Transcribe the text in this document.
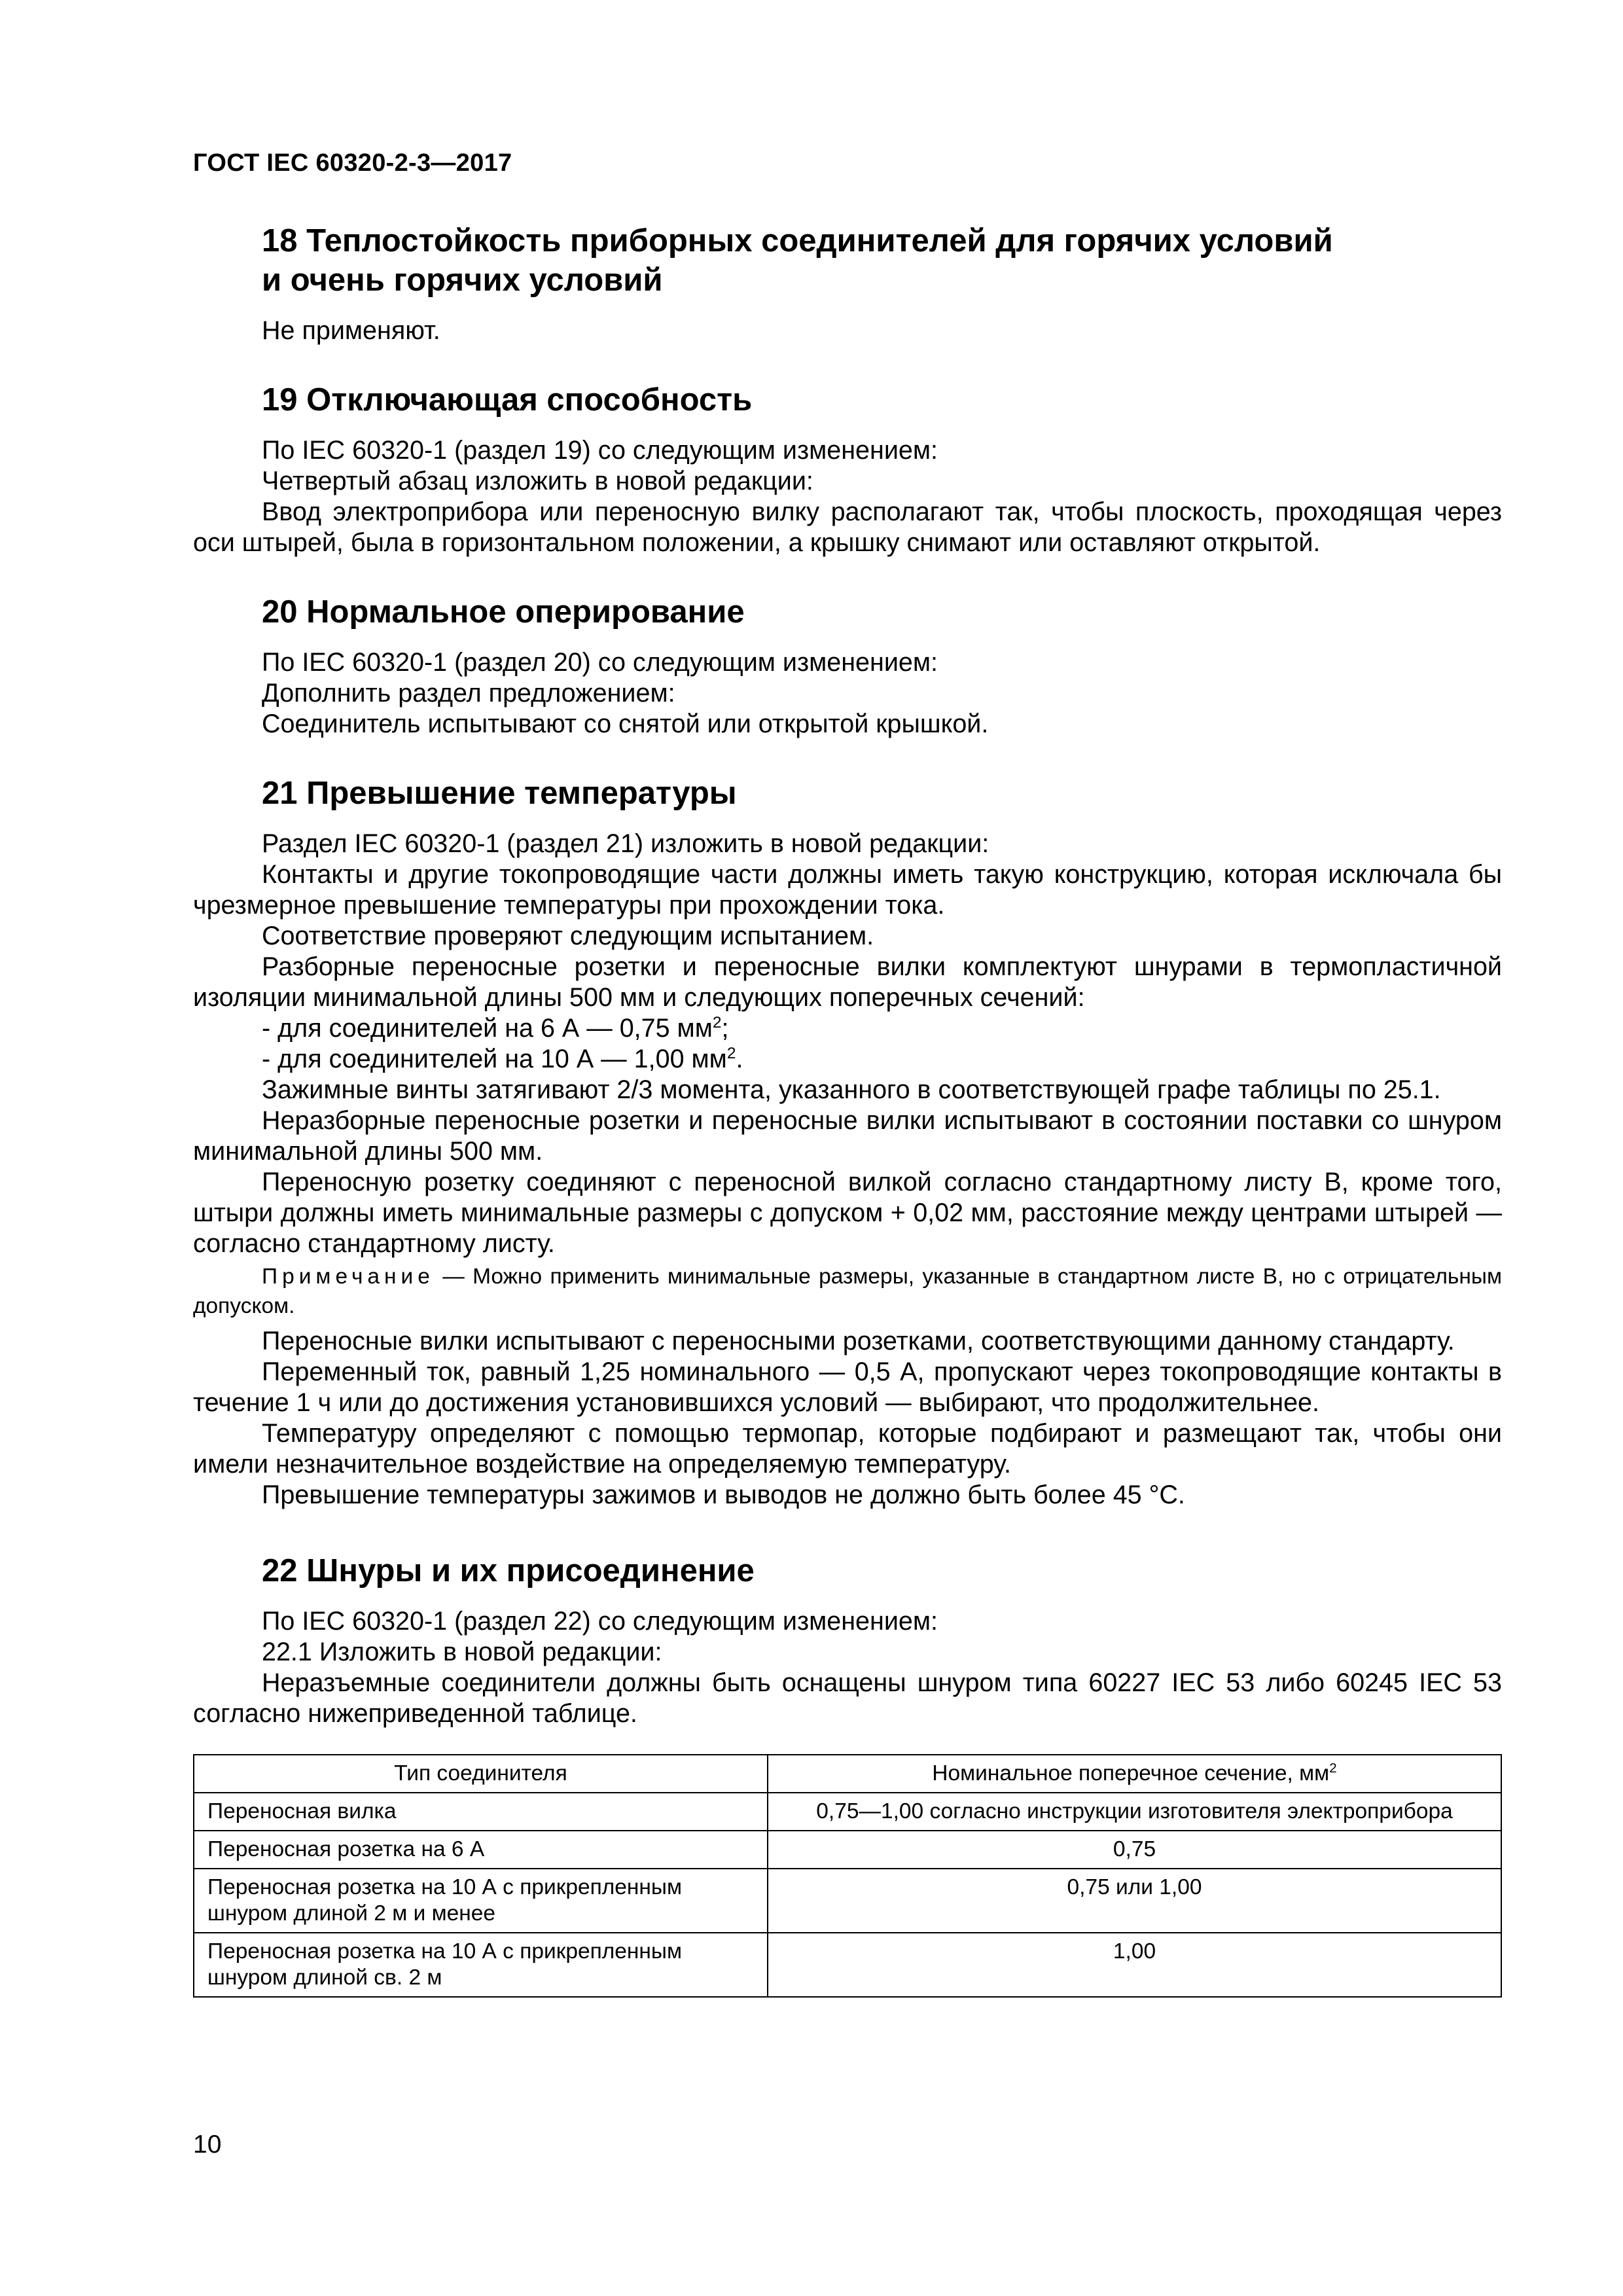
ГОСТ IEC 60320-2-3—2017
18 Теплостойкость приборных соединителей для горячих условий
и очень горячих условий

Не применяют.

19 Отключающая способность

По IEC 60320-1 (раздел 19) со следующим изменением:

Четвертый абзац изложить в новой редакции:

Ввод электроприбора или переносную вилку располагают так, чтобы плоскость, проходящая через оси штырей, была в горизонтальном положении, а крышку снимают или оставляют открытой.

20 Нормальное оперирование

По IEC 60320-1 (раздел 20) со следующим изменением:

Дополнить раздел предложением:

Соединитель испытывают со снятой или открытой крышкой.

21 Превышение температуры

Раздел IEC 60320-1 (раздел 21) изложить в новой редакции:

Контакты и другие токопроводящие части должны иметь такую конструкцию, которая исключала бы чрезмерное превышение температуры при прохождении тока.

Соответствие проверяют следующим испытанием.

Разборные переносные розетки и переносные вилки комплектуют шнурами в термопластичной изоляции минимальной длины 500 мм и следующих поперечных сечений:

- для соединителей на 6 А — 0,75 $мм^2$;

- для соединителей на 10 А — 1,00 $мм^2$.

Зажимные винты затягивают 2/3 момента, указанного в соответствующей графе таблицы по 25.1.

Неразборные переносные розетки и переносные вилки испытывают в состоянии поставки со шнуром минимальной длины 500 мм.

Переносную розетку соединяют с переносной вилкой согласно стандартному листу В, кроме того, штыри должны иметь минимальные размеры с допуском + 0,02 мм, расстояние между центрами штырей — согласно стандартному листу.

Примечание — Можно применить минимальные размеры, указанные в стандартном листе В, но с отрицательным допуском.

Переносные вилки испытывают с переносными розетками, соответствующими данному стандарту.

Переменный ток, равный 1,25 номинального — 0,5 А, пропускают через токопроводящие контакты в течение 1 ч или до достижения установившихся условий — выбирают, что продолжительнее.

Температуру определяют с помощью термопар, которые подбирают и размещают так, чтобы они имели незначительное воздействие на определяемую температуру.

Превышение температуры зажимов и выводов не должно быть более 45 °С.

22 Шнуры и их присоединение

По IEC 60320-1 (раздел 22) со следующим изменением:

22.1 Изложить в новой редакции:

Неразъемные соединители должны быть оснащены шнуром типа 60227 IEC 53 либо 60245 IEC 53 согласно нижеприведенной таблице.

Тип соединителя	Номинальное поперечное сечение, $мм^2$
Переносная вилка	0,75—1,00 согласно инструкции изготовителя электроприбора
Переносная розетка на 6 А	0,75
Переносная розетка на 10 А с прикрепленным шнуром длиной 2 м и менее	0,75 или 1,00
Переносная розетка на 10 А с прикрепленным шнуром длиной св. 2 м	1,00
10
